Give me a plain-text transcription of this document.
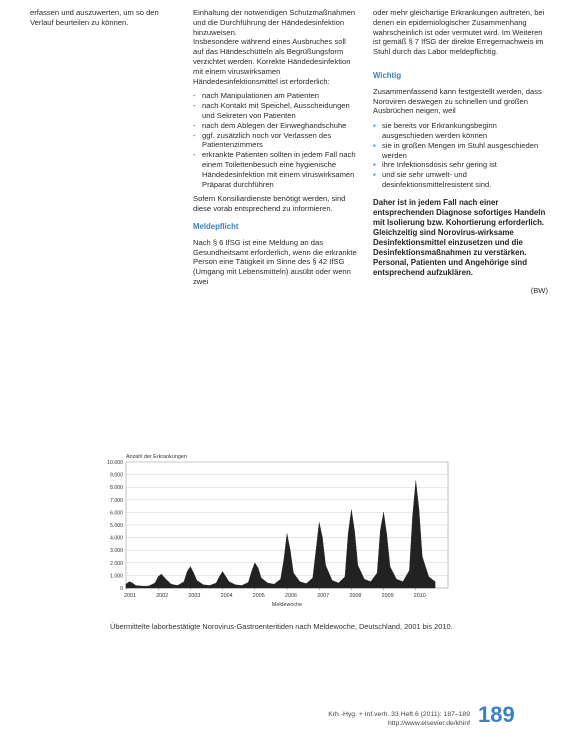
erfassen und auszuwerten, um so den Verlauf beurteilen zu können.

Einhaltung der notwendigen Schutzmaßnahmen und die Durchführung der Händedesinfektion hinzuweisen.

Insbesondere während eines Ausbruches soll auf das Händeschütteln als Begrüßungsform verzichtet werden. Korrekte Händedesinfektion mit einem viruswirksamen Händedesinfektionsmittel ist erforderlich:

- nach Manipulationen am Patienten
- nach Kontakt mit Speichel, Ausscheidungen und Sekreten von Patienten
- nach dem Ablegen der Einweghandschuhe
- ggf. zusätzlich noch vor Verlassen des Patientenzimmers
- erkrankte Patienten sollten in jedem Fall nach einem Toilettenbesuch eine hygienische Händedesinfektion mit einem viruswirksamen Präparat durchführen

Sofern Konsiliardienste benötigt werden, sind diese vorab entsprechend zu informieren.

Meldepflicht

Nach § 6 IfSG ist eine Meldung an das Gesundheitsamt erforderlich, wenn die erkrankte Person eine Tätigkeit im Sinne des § 42 IfSG (Umgang mit Lebensmitteln) ausübt oder wenn zwei

oder mehr gleichartige Erkrankungen auftreten, bei denen ein epidemiologischer Zusammenhang wahrscheinlich ist oder vermutet wird. Im Weiteren ist gemäß § 7 IfSG der direkte Erregernachweis im Stuhl durch das Labor meldepflichtig.

Wichtig

Zusammenfassend kann festgestellt werden, dass Noroviren deswegen zu schnellen und großen Ausbrüchen neigen, weil

▪ sie bereits vor Erkrankungsbeginn ausgeschieden werden können
▪ sie in großen Mengen im Stuhl ausgeschieden werden
▪ ihre Infektionsdosis sehr gering ist
▪ und sie sehr umwelt- und desinfektionsmittelresistent sind.

Daher ist in jedem Fall nach einer entsprechenden Diagnose sofortiges Handeln mit Isolierung bzw. Kohortierung erforderlich. Gleichzeitig sind Norovirus-wirksame Desinfektionsmittel einzusetzen und die Desinfektionsmaßnahmen zu verstärken. Personal, Patienten und Angehörige sind entsprechend aufzuklären.

(BW)
0
1.000
2.000
3.000
4.000
5.000
6.000
7.000
8.000
9.000
10.000
2001	2002	2003	2004	2005	2006	2007	2008	2009	2010
Anzahl der Erkrankungen
Meldewoche
Übermittelte laborbestätigte Norovirus-Gastroenteritiden nach Meldewoche, Deutschland, 2001 bis 2010.
Krh.-Hyg. + Inf.verh. 33 Heft 6 (2011): 187–189
http://www.elsevier.de/khinf 189
